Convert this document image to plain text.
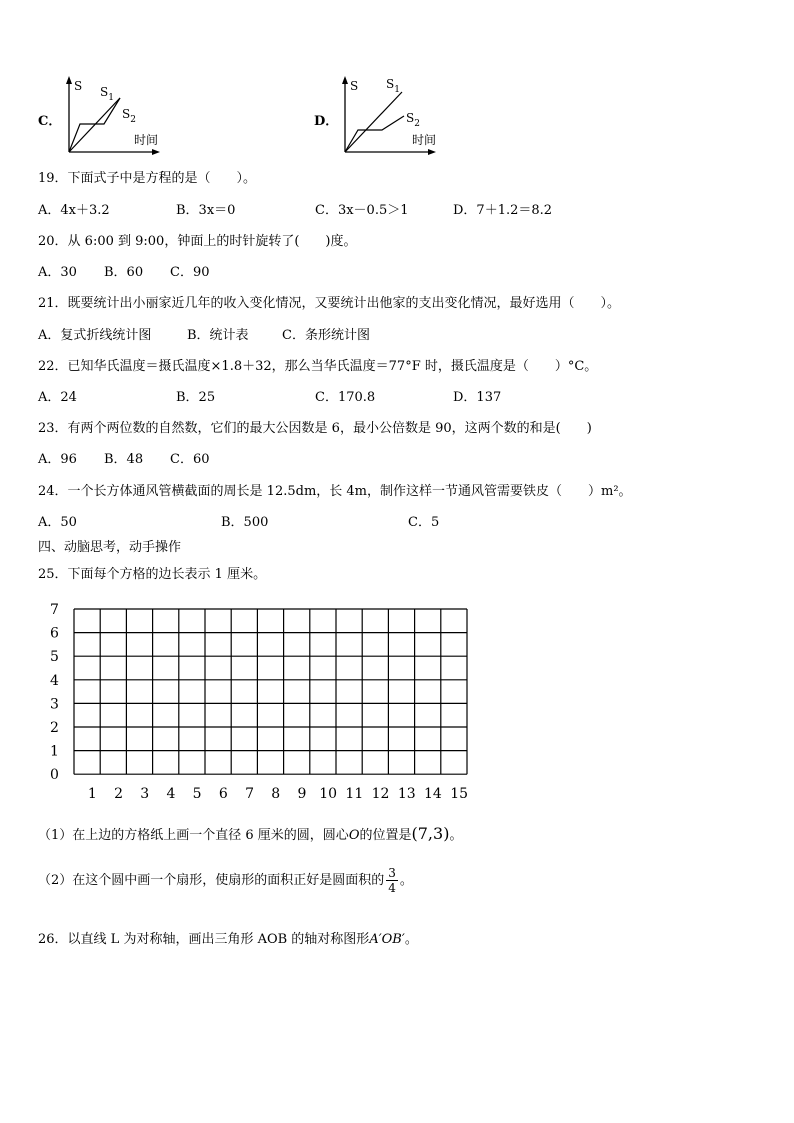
C．
S $S_1$
$S_2$
时间
D．
S $S_1$
$S_2$
时间
19．下面式子中是方程的是（　　）。
A．4x＋3.2	B．3x＝0	C．3x－0.5＞1	D．7＋1.2＝8.2
20．从 6:00 到 9:00，钟面上的时针旋转了(　　)度。
A．30 B．60 C．90
21．既要统计出小丽家近几年的收入变化情况，又要统计出他家的支出变化情况，最好选用（　　）。
A．复式折线统计图	B．统计表	C．条形统计图
22．已知华氏温度＝摄氏温度×1.8＋32，那么当华氏温度＝77°F 时，摄氏温度是（　　）°C。
A．24	B．25	C．170.8	D．137
23．有两个两位数的自然数，它们的最大公因数是 6，最小公倍数是 90，这两个数的和是(　　)
A．96 B．48 C．60
24．一个长方体通风管横截面的周长是 12.5dm，长 4m，制作这样一节通风管需要铁皮（　　）m²。
A．50	B．500	C．5
四、动脑思考，动手操作
25．下面每个方格的边长表示 1 厘米。
7
6
5
4
3
2
1
0
1 2 3 4 5 6 7 8 9 10 11 12 13 14 15
（1）在上边的方格纸上画一个直径 6 厘米的圆，圆心O的位置是(7,3)。
（2）在这个圆中画一个扇形，使扇形的面积正好是圆面积的 $\frac{3}{4}$ 。
26．以直线 L 为对称轴，画出三角形 AOB 的轴对称图形A′OB′。
